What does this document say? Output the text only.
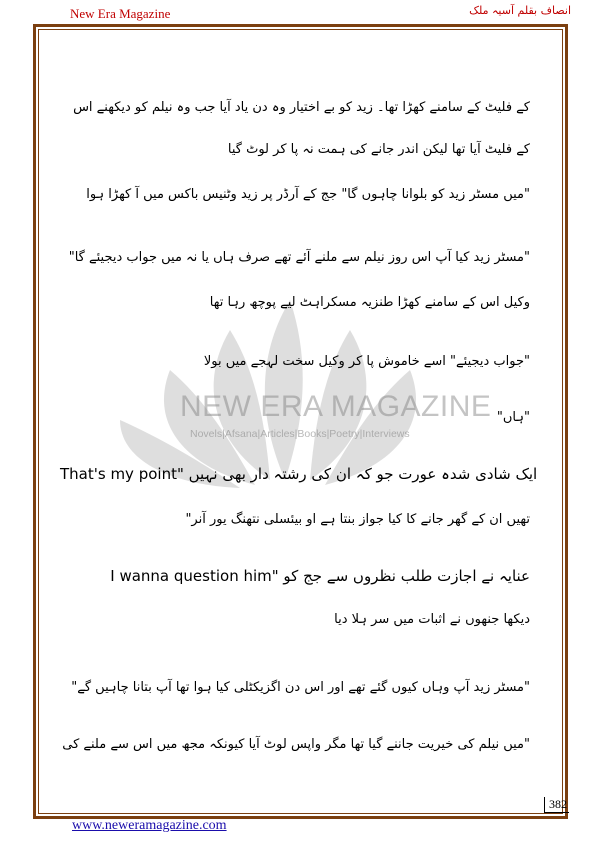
New Era Magazine	انصاف بقلم آسیہ ملک
NEW ERA MAGAZINE
Novels|Afsana|Articles|Books|Poetry|Interviews
کے فلیٹ کے سامنے کھڑا تھا۔ زید کو بے اختیار وہ دن یاد آیا جب وہ نیلم کو دیکھنے اس
کے فلیٹ آیا تھا لیکن اندر جانے کی ہمت نہ پا کر لوٹ گیا
"میں مسٹر زید کو بلوانا چاہوں گا" جج کے آرڈر پر زید وٹنیس باکس میں آ کھڑا ہوا
"مسٹر زید کیا آپ اس روز نیلم سے ملنے آئے تھے صرف ہاں یا نہ میں جواب دیجیئے گا"
وکیل اس کے سامنے کھڑا طنزیہ مسکراہٹ لیے پوچھ رہا تھا
"جواب دیجیئے" اسے خاموش پا کر وکیل سخت لہجے میں بولا
"ہاں"
That's my point" ایک شادی شدہ عورت جو کہ ان کی رشتہ دار بھی نہیں
تھیں ان کے گھر جانے کا کیا جواز بنتا ہے او بیئسلی نتھنگ یور آنر"
I wanna question him" عنایہ نے اجازت طلب نظروں سے جج کو
دیکھا جنھوں نے اثبات میں سر ہلا دیا
"مسٹر زید آپ وہاں کیوں گئے تھے اور اس دن اگزیکٹلی کیا ہوا تھا آپ بتانا چاہیں گے"
"میں نیلم کی خیریت جاننے گیا تھا مگر واپس لوٹ آیا کیونکہ مجھ میں اس سے ملنے کی
382
www.neweramagazine.com
